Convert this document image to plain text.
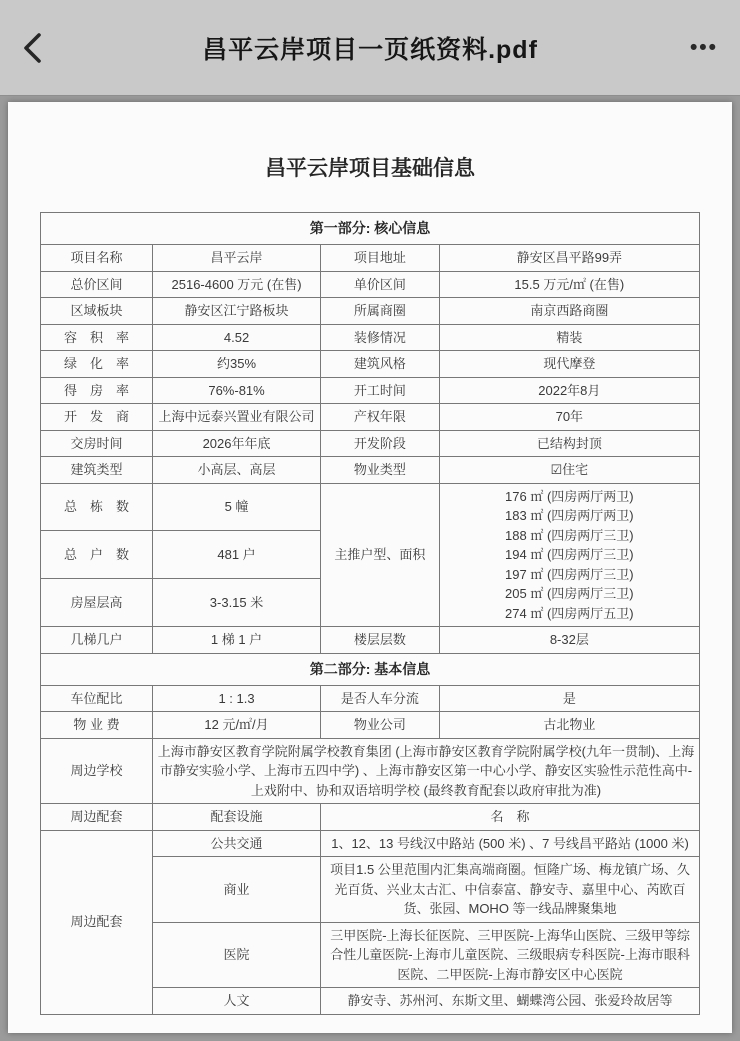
昌平云岸项目一页纸资料.pdf	•••
昌平云岸项目基础信息
第一部分: 核心信息			
项目名称	昌平云岸	项目地址	静安区昌平路99弄
总价区间	2516-4600 万元 (在售)	单价区间	15.5 万元/㎡ (在售)
区域板块	静安区江宁路板块	所属商圈	南京西路商圈
容　积　率	4.52	装修情况	精装
绿　化　率	约35%	建筑风格	现代摩登
得　房　率	76%-81%	开工时间	2022年8月
开　发　商	上海中远泰兴置业有限公司	产权年限	70年
交房时间	2026年年底	开发阶段	已结构封顶
建筑类型	小高层、高层	物业类型	☑住宅
总　栋　数	5 幢	主推户型、面积	
176 ㎡ (四房两厅两卫)
183 ㎡ (四房两厅两卫)
188 ㎡ (四房两厅三卫)
194 ㎡ (四房两厅三卫)
197 ㎡ (四房两厅三卫)
205 ㎡ (四房两厅三卫)
274 ㎡ (四房两厅五卫)

总　户　数	481 户		
房屋层高	3-3.15 米		
几梯几户	1 梯 1 户	楼层层数	8-32层
第二部分: 基本信息			
车位配比	1 : 1.3	是否人车分流	是
物 业 费	12 元/㎡/月	物业公司	古北物业
周边学校	上海市静安区教育学院附属学校教育集团 (上海市静安区教育学院附属学校(九年一贯制)、上海市静安实验小学、上海市五四中学) 、上海市静安区第一中心小学、静安区实验性示范性高中-上戏附中、协和双语培明学校 (最终教育配套以政府审批为准)		
周边配套	配套设施	名　称	
周边配套	公共交通	1、12、13 号线汉中路站 (500 米) 、7 号线昌平路站 (1000 米)	
	商业	项目1.5 公里范围内汇集高端商圈。恒隆广场、梅龙镇广场、久光百货、兴业太古汇、中信泰富、静安寺、嘉里中心、芮欧百货、张园、MOHO 等一线品牌聚集地	
	医院	三甲医院-上海长征医院、三甲医院-上海华山医院、三级甲等综合性儿童医院-上海市儿童医院、三级眼病专科医院-上海市眼科医院、二甲医院-上海市静安区中心医院	
	人文	静安寺、苏州河、东斯文里、蝴蝶湾公园、张爱玲故居等	
